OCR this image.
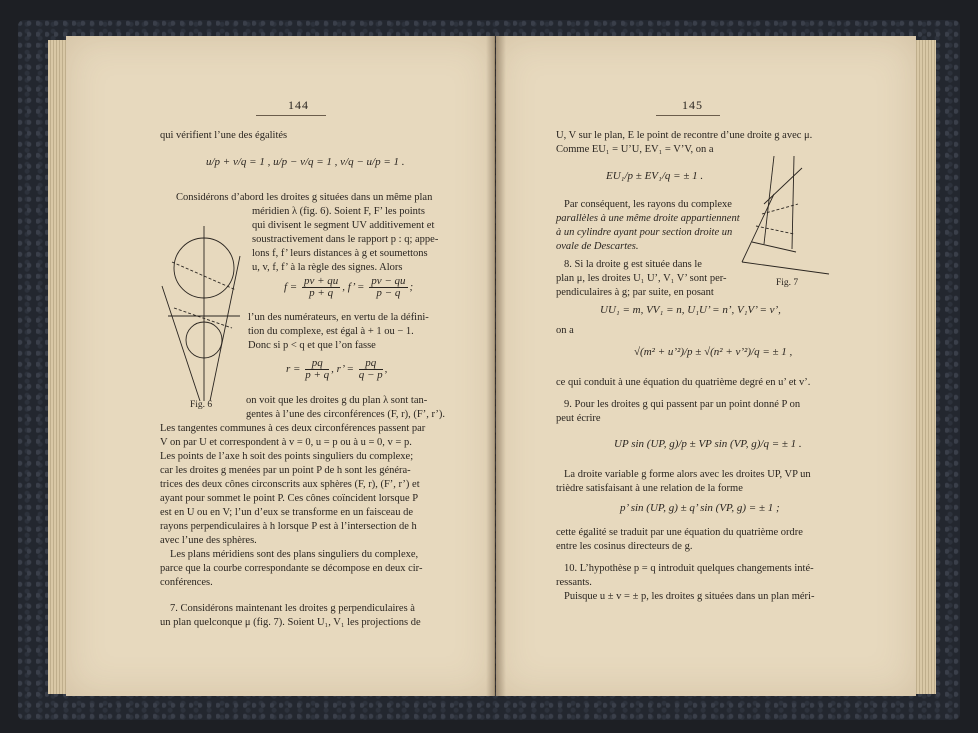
144
qui vérifient l’une des égalités
u/p + v/q = 1 , u/p − v/q = 1 , v/q − u/p = 1 .
Considérons d’abord les droites g situées dans un même plan
méridien λ (fig. 6). Soient F, F’ les points
qui divisent le segment UV additivement et
soustractivement dans le rapport p : q; appe-
lons f, f’ leurs distances à g et soumettons
u, v, f, f’ à la règle des signes. Alors
$f = \frac{pv + qu}{p + q}$ , f’ = $\frac{pv - qu}{p - q}$ ;
l’un des numérateurs, en vertu de la défini-
tion du complexe, est égal à + 1 ou − 1.
Donc si p < q et que l’on fasse
$r = \frac{pq}{p + q}$ , r’ = $\frac{pq}{q - p}$ ,
on voit que les droites g du plan λ sont tan-
gentes à l’une des circonférences (F, r), (F’, r’).
Fig. 6
Les tangentes communes à ces deux circonférences passent par
V on par U et correspondent à v = 0, u = p ou à u = 0, v = p.
Les points de l’axe h soit des points singuliers du complexe;
car les droites g menées par un point P de h sont les généra-
trices des deux cônes circonscrits aux sphères (F, r), (F’, r’) et
ayant pour sommet le point P. Ces cônes coïncident lorsque P
est en U ou en V; l’un d’eux se transforme en un faisceau de
rayons perpendiculaires à h lorsque P est à l’intersection de h
avec l’une des sphères.
Les plans méridiens sont des plans singuliers du complexe,
parce que la courbe correspondante se décompose en deux cir-
conférences.
7. Considérons maintenant les droites g perpendiculaires à
un plan quelconque μ (fig. 7). Soient U₁, V₁ les projections de
145
U, V sur le plan, E le point de recontre d’une droite g avec μ.
Comme EU₁ = U’U, EV₁ = V’V, on a
EU₁/p ± EV₁/q = ± 1 .
Par conséquent, les rayons du complexe
parallèles à une même droite appartiennent
à un cylindre ayant pour section droite un
ovale de Descartes.
8. Si la droite g est située dans le
plan μ, les droites U₁ U’, V₁ V’ sont per-
pendiculaires à g; par suite, en posant
Fig. 7
UU₁ = m, VV₁ = n, U₁U’ = n’, V₁V’ = v’,
on a
√(m² + u’²)/p ± √(n² + v’²)/q = ± 1 ,
ce qui conduit à une équation du quatrième degré en u’ et v’.
9. Pour les droites g qui passent par un point donné P on
peut écrire
UP sin (UP, g)/p ± VP sin (VP, g)/q = ± 1 .
La droite variable g forme alors avec les droites UP, VP un
trièdre satisfaisant à une relation de la forme
p’ sin (UP, g) ± q’ sin (VP, g) = ± 1 ;
cette égalité se traduit par une équation du quatrième ordre
entre les cosinus directeurs de g.
10. L’hypothèse p = q introduit quelques changements inté-
ressants.
Puisque u ± v = ± p, les droites g situées dans un plan méri-
